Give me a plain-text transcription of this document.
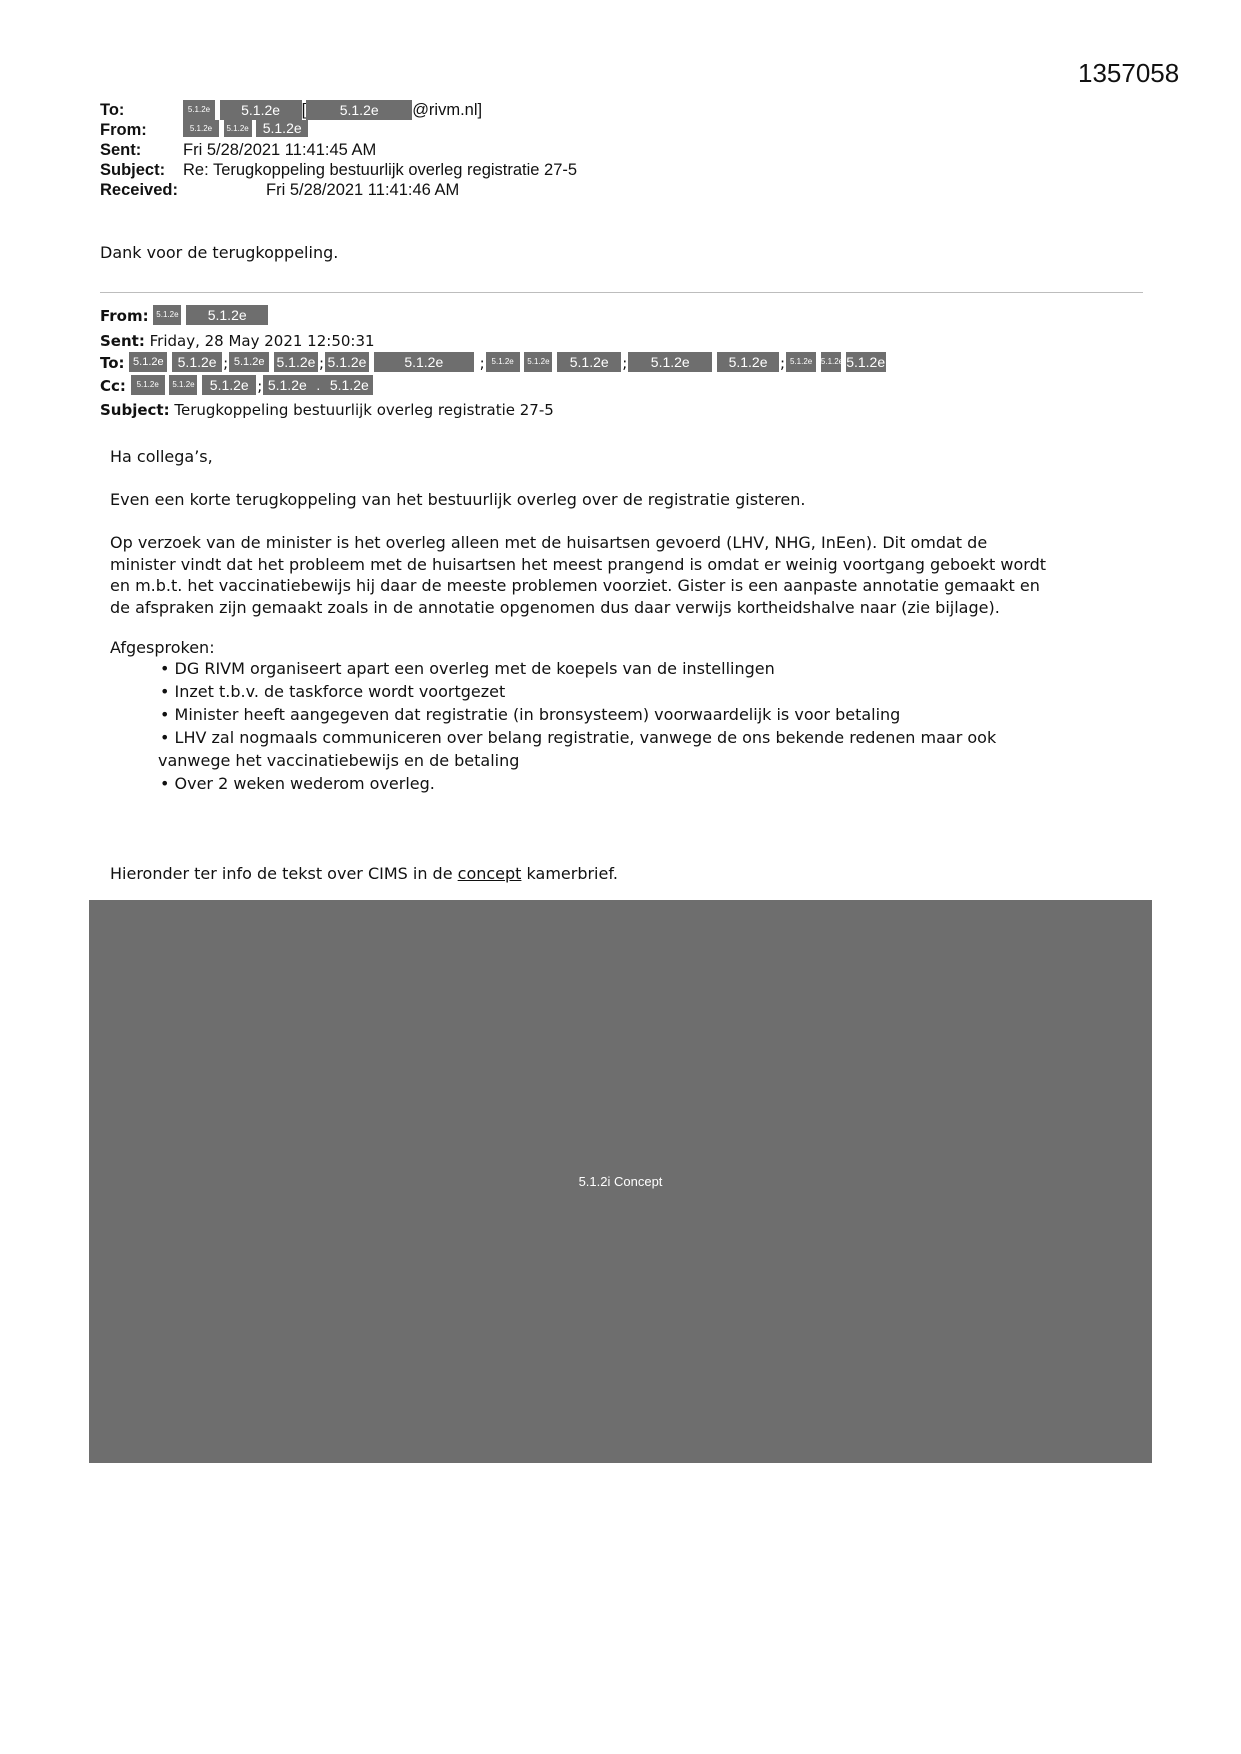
1357058
To:	5.1.2e 5.1.2e [ 5.1.2e @rivm.nl]
From:	5.1.2e 5.1.2e 5.1.2e
Sent:	Fri 5/28/2021 11:41:45 AM
Subject: Re: Terugkoppeling bestuurlijk overleg registratie 27-5
Received:	Fri 5/28/2021 11:41:46 AM
Dank voor de terugkoppeling.
From: 5.1.2e 5.1.2e
Sent: Friday, 28 May 2021 12:50:31
To: 5.1.2e 5.1.2e ; 5.1.2e 5.1.2e ; 5.1.2e	5.1.2e ; 5.1.2e 5.1.2e 5.1.2e ; 5.1.2e	5.1.2e ; 5.1.2e 5.1.2e 5.1.2e
Cc: 5.1.2e 5.1.2e 5.1.2e ; 5.1.2e . 5.1.2e
Subject: Terugkoppeling bestuurlijk overleg registratie 27-5
Ha collega’s,
Even een korte terugkoppeling van het bestuurlijk overleg over de registratie gisteren.
Op verzoek van de minister is het overleg alleen met de huisartsen gevoerd (LHV, NHG, InEen). Dit omdat de
minister vindt dat het probleem met de huisartsen het meest prangend is omdat er weinig voortgang geboekt wordt
en m.b.t. het vaccinatiebewijs hij daar de meeste problemen voorziet. Gister is een aanpaste annotatie gemaakt en
de afspraken zijn gemaakt zoals in de annotatie opgenomen dus daar verwijs kortheidshalve naar (zie bijlage).
Afgesproken:
• DG RIVM organiseert apart een overleg met de koepels van de instellingen
• Inzet t.b.v. de taskforce wordt voortgezet
• Minister heeft aangegeven dat registratie (in bronsysteem) voorwaardelijk is voor betaling
• LHV zal nogmaals communiceren over belang registratie, vanwege de ons bekende redenen maar ook
vanwege het vaccinatiebewijs en de betaling
• Over 2 weken wederom overleg.
Hieronder ter info de tekst over CIMS in de concept kamerbrief.
5.1.2i Concept
